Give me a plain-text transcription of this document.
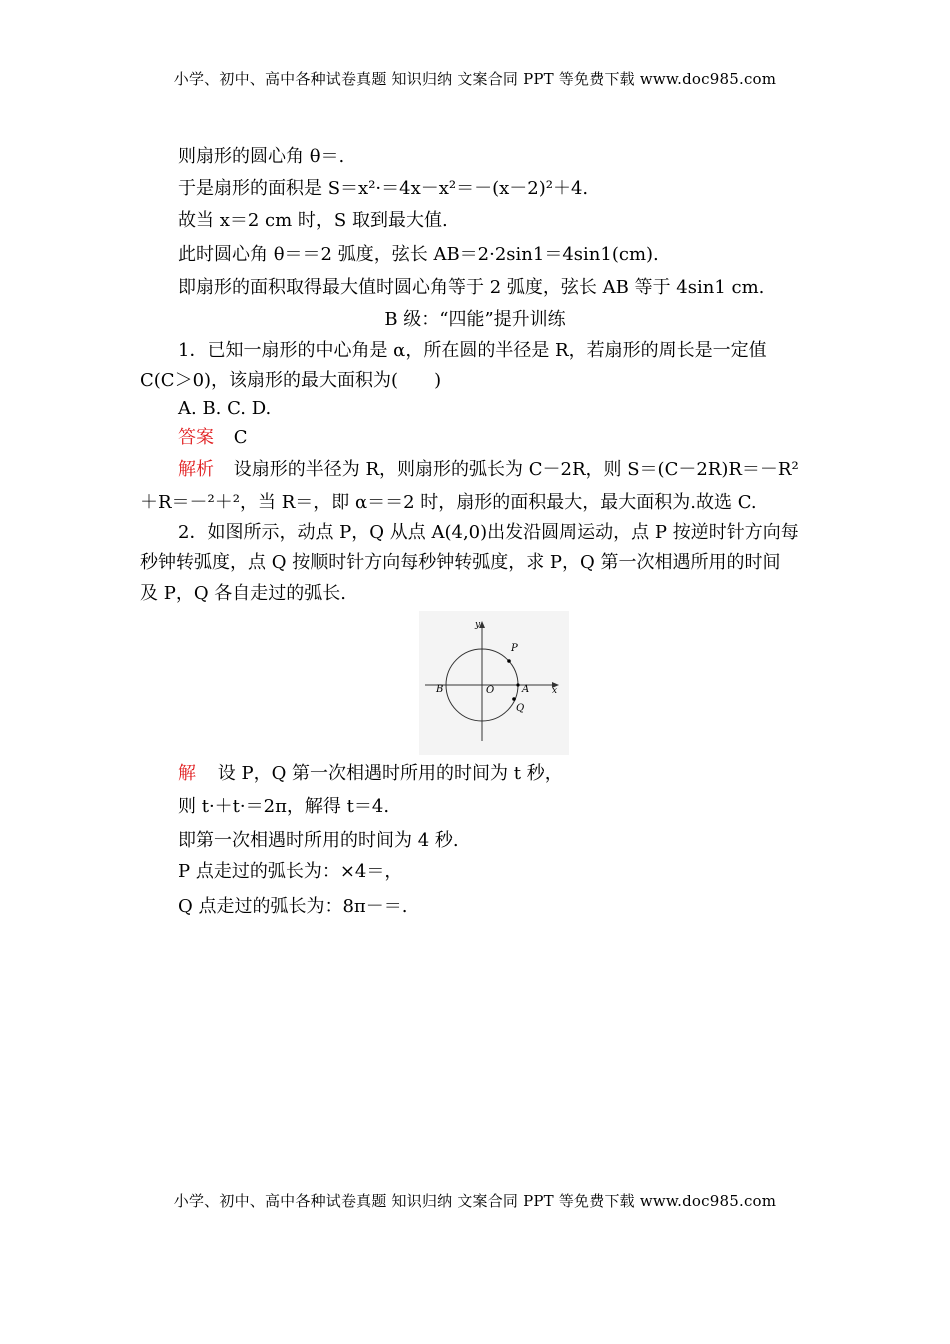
小学、初中、高中各种试卷真题 知识归纳 文案合同 PPT 等免费下载 www.doc985.com
则扇形的圆心角 θ＝.
于是扇形的面积是 S＝x²·＝4x－x²＝－(x－2)²＋4.
故当 x＝2 cm 时，S 取到最大值.
此时圆心角 θ＝＝2 弧度，弦长 AB＝2·2sin1＝4sin1(cm).
即扇形的面积取得最大值时圆心角等于 2 弧度，弦长 AB 等于 4sin1 cm.
B 级：“四能”提升训练
1．已知一扇形的中心角是 α，所在圆的半径是 R，若扇形的周长是一定值
C(C＞0)，该扇形的最大面积为(　　)
A. B. C. D.
答案 C
解析 设扇形的半径为 R，则扇形的弧长为 C－2R，则 S＝(C－2R)R＝－R²
＋R＝－²＋²，当 R＝，即 α＝＝2 时，扇形的面积最大，最大面积为.故选 C.
2．如图所示，动点 P，Q 从点 A(4,0)出发沿圆周运动，点 P 按逆时针方向每
秒钟转弧度，点 Q 按顺时针方向每秒钟转弧度，求 P，Q 第一次相遇所用的时间
及 P，Q 各自走过的弧长.
y
x
O	A
B
P
Q
解 设 P，Q 第一次相遇时所用的时间为 t 秒，
则 t·＋t·＝2π，解得 t＝4.
即第一次相遇时所用的时间为 4 秒.
P 点走过的弧长为：×4＝，
Q 点走过的弧长为：8π－＝.
小学、初中、高中各种试卷真题 知识归纳 文案合同 PPT 等免费下载 www.doc985.com
